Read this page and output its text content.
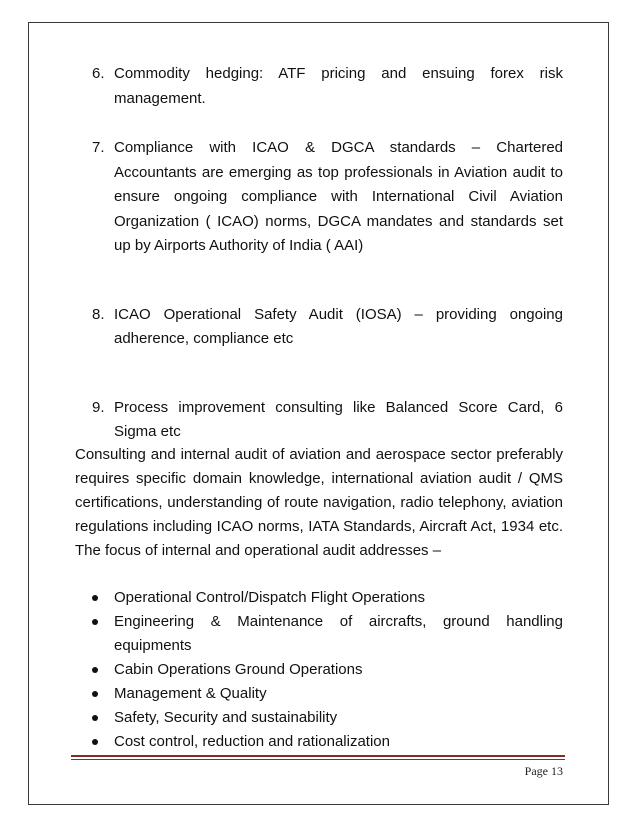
6. Commodity hedging: ATF pricing and ensuing forex risk management.
7. Compliance with ICAO & DGCA standards – Chartered Accountants are emerging as top professionals in Aviation audit to ensure ongoing compliance with International Civil Aviation Organization ( ICAO) norms, DGCA mandates and standards set up by Airports Authority of India ( AAI)
8. ICAO Operational Safety Audit (IOSA) – providing ongoing adherence, compliance etc
9. Process improvement consulting like Balanced Score Card, 6 Sigma etc
Consulting and internal audit of aviation and aerospace sector preferably requires specific domain knowledge, international aviation audit / QMS certifications, understanding of route navigation, radio telephony, aviation regulations including ICAO norms, IATA Standards, Aircraft Act, 1934 etc. The focus of internal and operational audit addresses –
Operational Control/Dispatch Flight Operations
Engineering & Maintenance of aircrafts, ground handling equipments
Cabin Operations Ground Operations
Management & Quality
Safety, Security and sustainability
Cost control, reduction and rationalization
Page 13
